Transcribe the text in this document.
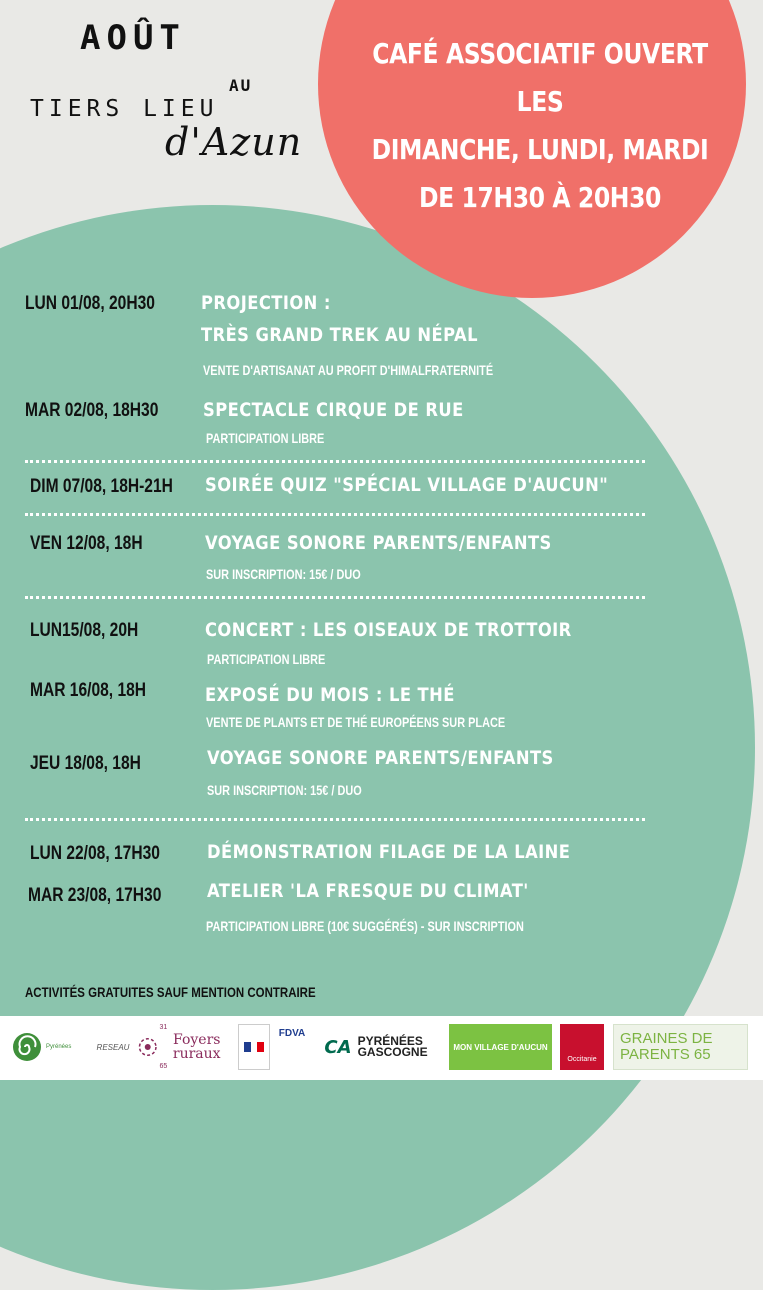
AOÛT
AU
TIERS LIEU
d'Azun
CAFÉ ASSOCIATIF OUVERT LES
DIMANCHE, LUNDI, MARDI
DE 17H30 À 20H30
LUN 01/08, 20H30 PROJECTION :
TRÈS GRAND TREK AU NÉPAL
VENTE D'ARTISANAT AU PROFIT D'HIMALFRATERNITÉ
MAR 02/08, 18H30 SPECTACLE CIRQUE DE RUE
PARTICIPATION LIBRE
DIM 07/08, 18H-21H SOIRÉE QUIZ "SPÉCIAL VILLAGE D'AUCUN"
VEN 12/08, 18H	VOYAGE SONORE PARENTS/ENFANTS
SUR INSCRIPTION: 15€ / DUO
LUN15/08, 20H	CONCERT : LES OISEAUX DE TROTTOIR
PARTICIPATION LIBRE
MAR 16/08, 18H	EXPOSÉ DU MOIS : LE THÉ
VENTE DE PLANTS ET DE THÉ EUROPÉENS SUR PLACE
JEU 18/08, 18H	VOYAGE SONORE PARENTS/ENFANTS
SUR INSCRIPTION: 15€ / DUO
LUN 22/08, 17H30 DÉMONSTRATION FILAGE DE LA LAINE
MAR 23/08, 17H30 ATELIER 'LA FRESQUE DU CLIMAT'
PARTICIPATION LIBRE (10€ SUGGÉRÉS) - SUR INSCRIPTION
ACTIVITÉS GRATUITES SAUF MENTION CONTRAIRE
Pyrénées	RESEAU
31
Foyers ruraux
65
FDVA
CA PYRÉNÉES
GASCOGNE	MON VILLAGE D'AUCUN
Occitanie
GRAINES DE
PARENTS 65
